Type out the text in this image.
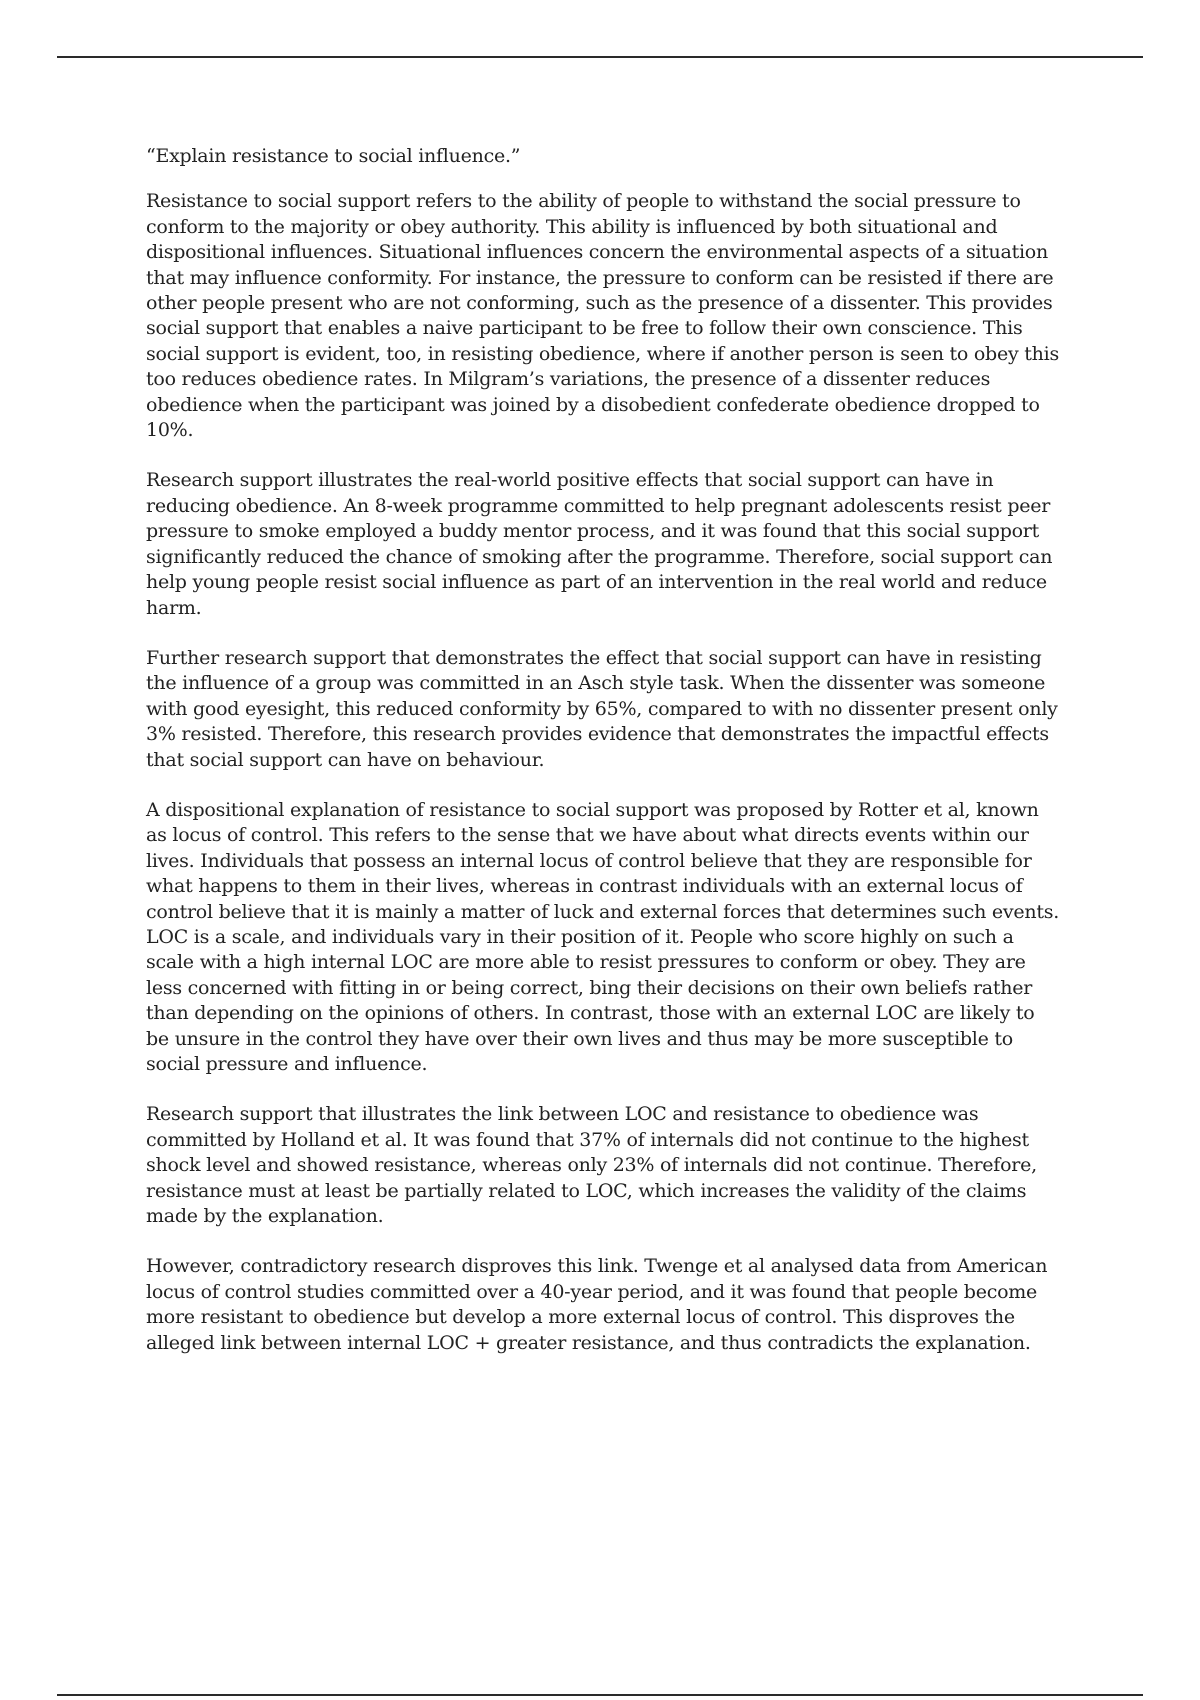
“Explain resistance to social influence.”

Resistance to social support refers to the ability of people to withstand the social pressure to conform to the majority or obey authority. This ability is influenced by both situational and dispositional influences. Situational influences concern the environmental aspects of a situation that may influence conformity. For instance, the pressure to conform can be resisted if there are other people present who are not conforming, such as the presence of a dissenter. This provides social support that enables a naive participant to be free to follow their own conscience. This social support is evident, too, in resisting obedience, where if another person is seen to obey this too reduces obedience rates. In Milgram’s variations, the presence of a dissenter reduces obedience when the participant was joined by a disobedient confederate obedience dropped to 10%.

Research support illustrates the real-world positive effects that social support can have in reducing obedience. An 8-week programme committed to help pregnant adolescents resist peer pressure to smoke employed a buddy mentor process, and it was found that this social support significantly reduced the chance of smoking after the programme. Therefore, social support can help young people resist social influence as part of an intervention in the real world and reduce harm.

Further research support that demonstrates the effect that social support can have in resisting the influence of a group was committed in an Asch style task. When the dissenter was someone with good eyesight, this reduced conformity by 65%, compared to with no dissenter present only 3% resisted. Therefore, this research provides evidence that demonstrates the impactful effects that social support can have on behaviour.

A dispositional explanation of resistance to social support was proposed by Rotter et al, known as locus of control. This refers to the sense that we have about what directs events within our lives. Individuals that possess an internal locus of control believe that they are responsible for what happens to them in their lives, whereas in contrast individuals with an external locus of control believe that it is mainly a matter of luck and external forces that determines such events. LOC is a scale, and individuals vary in their position of it. People who score highly on such a scale with a high internal LOC are more able to resist pressures to conform or obey. They are less concerned with fitting in or being correct, bing their decisions on their own beliefs rather than depending on the opinions of others. In contrast, those with an external LOC are likely to be unsure in the control they have over their own lives and thus may be more susceptible to social pressure and influence.

Research support that illustrates the link between LOC and resistance to obedience was committed by Holland et al. It was found that 37% of internals did not continue to the highest shock level and showed resistance, whereas only 23% of internals did not continue. Therefore, resistance must at least be partially related to LOC, which increases the validity of the claims made by the explanation.

However, contradictory research disproves this link. Twenge et al analysed data from American locus of control studies committed over a 40-year period, and it was found that people become more resistant to obedience but develop a more external locus of control. This disproves the alleged link between internal LOC + greater resistance, and thus contradicts the explanation.
